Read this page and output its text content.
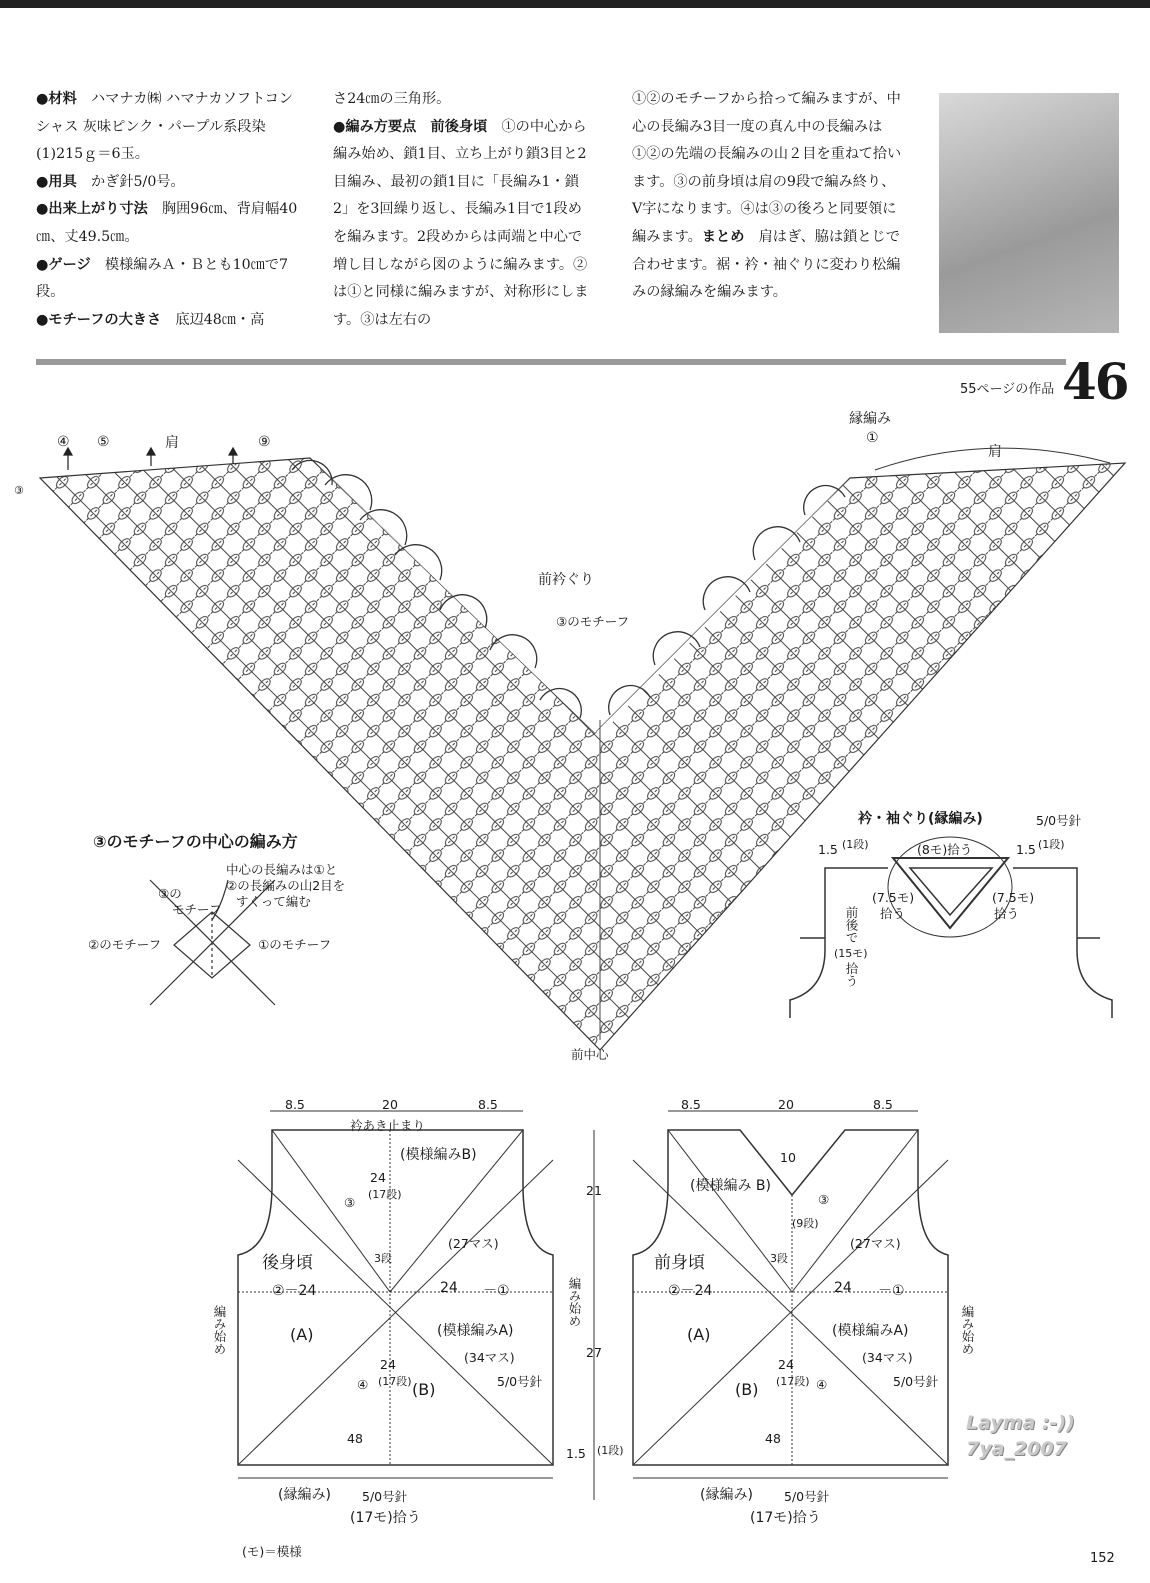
●材料　 ハマナカ㈱ ハマナカソフトコンシャス 灰味ピンク・パープル系段染(1)215ｇ＝6玉。

●用具　 かぎ針5/0号。

●出来上がり寸法　 胸囲96㎝、背肩幅40㎝、丈49.5㎝。

●ゲージ　 模様編みＡ・Ｂとも10㎝で7段。

●モチーフの大きさ　 底辺48㎝・高

さ24㎝の三角形。

●編み方要点　前後身頃　 ①の中心から編み始め、鎖1目、立ち上がり鎖3目と2目編み、最初の鎖1目に「長編み1・鎖2」を3回繰り返し、長編み1目で1段めを編みます。2段めからは両端と中心で増し目しながら図のように編みます。②は①と同様に編みますが、対称形にします。③は左右の

①②のモチーフから拾って編みますが、中心の長編み3目一度の真ん中の長編みは①②の先端の長編みの山２目を重ねて拾います。③の前身頃は肩の9段で編み終り、V字になります。④は③の後ろと同要領に編みます。まとめ　 肩はぎ、脇は鎖とじで合わせます。裾・衿・袖ぐりに変わり松編みの縁編みを編みます。

55ページの作品 46
④ ⑤	肩	⑨
③
縁編み
①
肩
前衿ぐり
③のモチーフ
前中心
③のモチーフの中心の編み方
中心の長編みは①と
②の長編みの山2目を
すくって編む
③の
モチーフ
②のモチーフ	①のモチーフ
衿・袖ぐり(縁編み)	5/0号針
1.5 (1段)	1.5 (1段)
(8モ)拾う
(7.5モ)
拾う
(7.5モ)
拾う
前後で
(15モ)
拾う
8.5	20	8.5
衿あき止まり
(模様編みB)
後身頃
24
(17段)
③
3段
(27マス)
②－24	24 －①
(A)	(模様編みA)
(34マス)
5/0号針
24
(17段)
④	(B)
48
(縁編み) 5/0号針
(17モ)拾う
編み始め
8.5	20	8.5
10
(模様編み B)
③
(9段)
前身頃	3段
(27マス)
②－24	24 －①
(A)	(模様編みA)
(34マス)
5/0号針
24
(17段) ④
(B)
48
(縁編み) 5/0号針
(17モ)拾う
編み始め
21
27
1.5 (1段)
編み始め
(モ)＝模様	152
Layma :-))
7ya_2007
